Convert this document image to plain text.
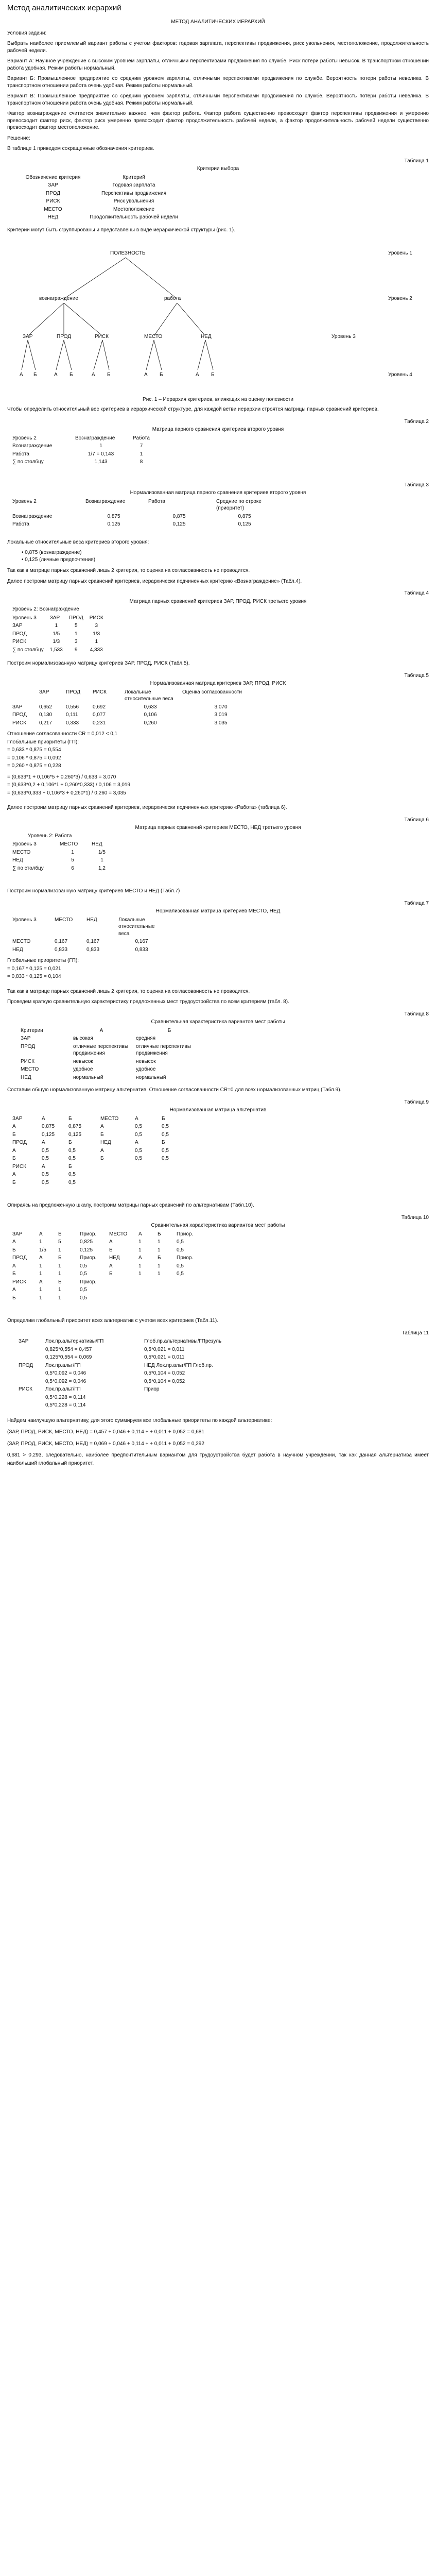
Метод аналитических иерархий
МЕТОД АНАЛИТИЧЕСКИХ ИЕРАРХИЙ

Условия задачи:

Выбрать наиболее приемлемый вариант работы с учетом факторов: годовая зарплата, перспективы продвижения, риск увольнения, местоположение, продолжительность рабочей недели.

Вариант А: Научное учреждение с высоким уровнем зарплаты, отличными перспективами продвижения по службе. Риск потери работы невысок. В транспортном отношении работа удобная. Режим работы нормальный.

Вариант Б: Промышленное предприятие со средним уровнем зарплаты, отличными перспективами продвижения по службе. Вероятность потери работы невелика. В транспортном отношении работа очень удобная. Режим работы нормальный.

Вариант В: Промышленное предприятие со средним уровнем зарплаты, отличными перспективами продвижения по службе. Вероятность потери работы невелика. В транспортном отношении работа очень удобная. Режим работы нормальный.

Фактор вознаграждение считается значительно важнее, чем фактор работа. Фактор работа существенно превосходит фактор перспективы продвижения и умеренно превосходит фактор риск, фактор риск умеренно превосходит фактор продолжительность рабочей недели, а фактор продолжительность рабочей недели существенно превосходит фактор местоположение.

Решение:

В таблице 1 приведем сокращенные обозначения критериев.

Таблица 1
Критерии выбора
Обозначение критерия	Критерий
ЗАР	Годовая зарплата
ПРОД	Перспективы продвижения
РИСК	Риск увольнения
МЕСТО	Местоположение
НЕД	Продолжительность рабочей недели

Критерии могут быть сгруппированы и представлены в виде иерархической структуры (рис. 1).

ПОЛЕЗНОСТЬ	Уровень 1
вознаграждение	работа	Уровень 2
ЗАР	ПРОД	РИСК	МЕСТО	НЕД	Уровень 3
А Б	А Б	А Б	А Б	А Б	Уровень 4
Рис. 1 – Иерархия критериев, влияющих на оценку полезности

Чтобы определить относительный вес критериев в иерархической структуре, для каждой ветви иерархии строятся матрицы парных сравнений критериев.

Таблица 2
Матрица парного сравнения критериев второго уровня
Уровень 2	Вознаграждение	Работа
Вознаграждение	1	7
Работа	1/7 = 0,143	1
∑ по столбцу	1,143	8
Таблица 3
Нормализованная матрица парного сравнения критериев второго уровня
Уровень 2	Вознаграждение	Работа	Средние по строке (приоритет)
Вознаграждение	0,875	0,875	0,875
Работа	0,125	0,125	0,125

Локальные относительные веса критериев второго уровня:

• 0,875 (вознаграждение)
• 0,125 (личные предпочтения)

Так как в матрице парных сравнений лишь 2 критерия, то оценка на согласованность не проводится.

Далее построим матрицу парных сравнений критериев, иерархически подчиненных критерию «Вознаграждение» (Табл.4).

Таблица 4
Матрица парных сравнений критериев ЗАР, ПРОД, РИСК третьего уровня
Уровень 2: Вознаграждение
Уровень 3	ЗАР	ПРОД	РИСК
ЗАР	1	5	3
ПРОД	1/5	1	1/3
РИСК	1/3	3	1
∑ по столбцу	1,533	9	4,333

Построим нормализованную матрицу критериев ЗАР, ПРОД, РИСК (Табл.5).

Таблица 5
Нормализованная матрица критериев ЗАР, ПРОД, РИСК
	ЗАР	ПРОД	РИСК	Локальные относительные веса	Оценка согласованности
ЗАР	0,652	0,556	0,692	0,633	3,070
ПРОД	0,130	0,111	0,077	0,106	3,019
РИСК	0,217	0,333	0,231	0,260	3,035
Отношение согласованности CR = 0,012 ˂ 0,1
Глобальные приоритеты (ГП):
= 0,633 * 0,875 = 0,554
= 0,106 * 0,875 = 0,092
= 0,260 * 0,875 = 0,228
= (0,633*1 + 0,106*5 + 0,260*3) / 0,633 = 3,070
= (0,633*0,2 + 0,106*1 + 0,260*0,333) / 0,106 = 3,019
= (0,633*0,333 + 0,106*3 + 0,260*1) / 0,260 = 3,035

Далее построим матрицу парных сравнений критериев, иерархически подчиненных критерию «Работа» (таблица 6).

Таблица 6
Матрица парных сравнений критериев МЕСТО, НЕД третьего уровня
Уровень 2: Работа
Уровень 3	МЕСТО	НЕД
МЕСТО	1	1/5
НЕД	5	1
∑ по столбцу	6	1,2

Построим нормализованную матрицу критериев МЕСТО и НЕД (Табл.7)

Таблица 7
Нормализованная матрица критериев МЕСТО, НЕД
Уровень 3	МЕСТО	НЕД	Локальные относительные веса
МЕСТО	0,167	0,167	0,167
НЕД	0,833	0,833	0,833
Глобальные приоритеты (ГП):
= 0,167 * 0,125 = 0,021
= 0,833 * 0,125 = 0,104

Так как в матрице парных сравнений лишь 2 критерия, то оценка на согласованность не проводится.

Проведем краткую сравнительную характеристику предложенных мест трудоустройства по всем критериям (табл. 8).

Таблица 8
Сравнительная характеристика вариантов мест работы
Критерии	А	Б
ЗАР	высокая	средняя
ПРОД	отличные перспективы продвижения	отличные перспективы продвижения
РИСК	невысок	невысок
МЕСТО	удобное	удобное
НЕД	нормальный	нормальный

Составим общую нормализованную матрицу альтернатив. Отношение согласованности CR=0 для всех нормализованных матриц (Табл.9).

Таблица 9
Нормализованная матрица альтернатив
ЗАР	А	Б	МЕСТО	А	Б
А	0,875	0,875	А	0,5	0,5
Б	0,125	0,125	Б	0,5	0,5
ПРОД	А	Б	НЕД	А	Б
А	0,5	0,5	А	0,5	0,5
Б	0,5	0,5	Б	0,5	0,5
РИСК	А	Б			
А	0,5	0,5			
Б	0,5	0,5			

Опираясь на предложенную шкалу, построим матрицы парных сравнений по альтернативам (Табл.10).

Таблица 10
Сравнительная характеристика вариантов мест работы
ЗАР	А	Б	Приор.	МЕСТО	А	Б	Приор.
А	1	5	0,825	А	1	1	0,5
Б	1/5	1	0,125	Б	1	1	0,5
ПРОД	А	Б	Приор.	НЕД	А	Б	Приор.
А	1	1	0,5	А	1	1	0,5
Б	1	1	0,5	Б	1	1	0,5
РИСК	А	Б	Приор.				
А	1	1	0,5				
Б	1	1	0,5				

Определим глобальный приоритет всех альтернатив с учетом всех критериев (Табл.11).

Таблица 11
ЗАР	Лок.пр.альтернативы/ГП	Глоб.пр.альтернативы/ГПрезуль
	0,825*0,554 = 0,457	0,5*0,021 = 0,011
	0,125*0,554 = 0,069	0,5*0,021 = 0,011
ПРОД	Лок.пр.альт/ГП	НЕД Лок.пр.альт/ГП Глоб.пр.
	0,5*0,092 = 0,046	0,5*0,104 = 0,052
	0,5*0,092 = 0,046	0,5*0,104 = 0,052
РИСК	Лок.пр.альт/ГП	Приор
	0,5*0,228 = 0,114	
	0,5*0,228 = 0,114	

Найдем наилучшую альтернативу, для этого суммируем все глобальные приоритеты по каждой альтернативе:

(ЗАР, ПРОД, РИСК, МЕСТО, НЕД) = 0,457 + 0,046 + 0,114 + + 0,011 + 0,052 = 0,681

(ЗАР, ПРОД, РИСК, МЕСТО, НЕД) = 0,069 + 0,046 + 0,114 + + 0,011 + 0,052 = 0,292

0,681 > 0,293, следовательно, наиболее предпочтительным вариантом для трудоустройства будет работа в научном учреждении, так как данная альтернатива имеет наибольший глобальный приоритет.
